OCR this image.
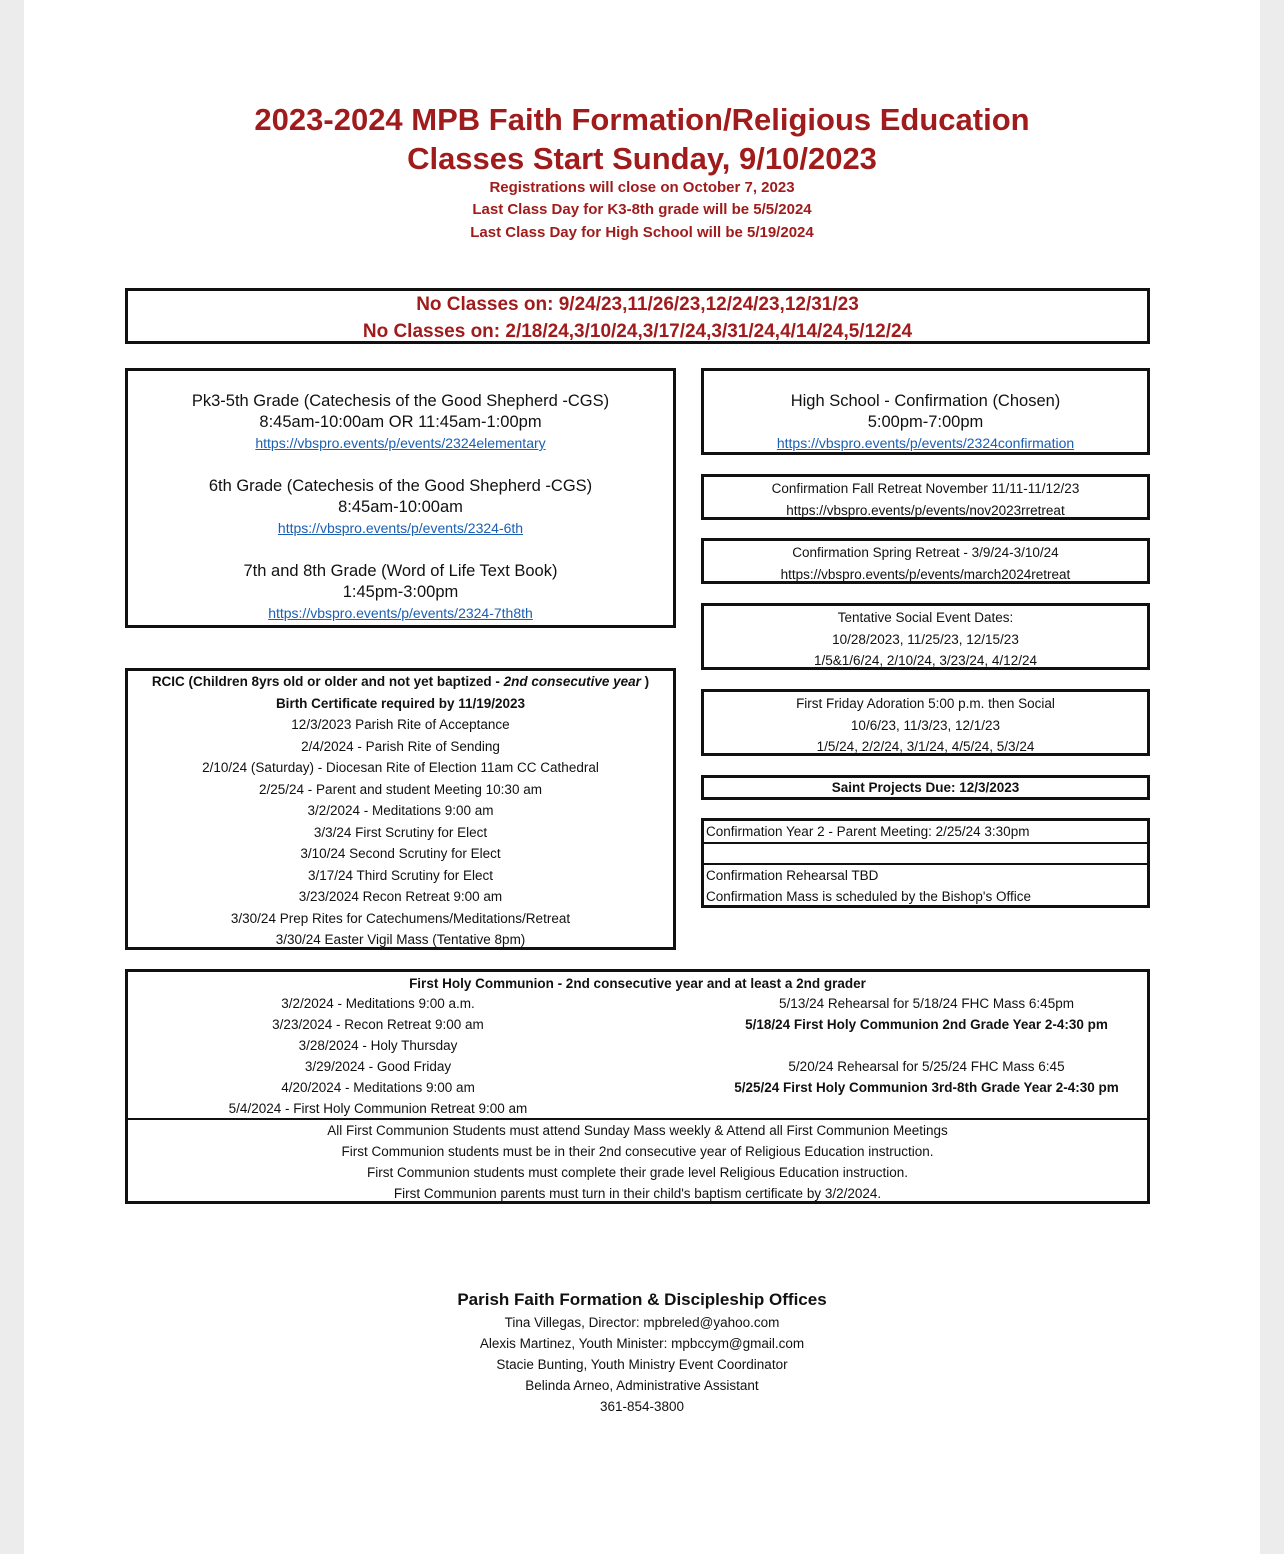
2023-2024 MPB Faith Formation/Religious Education
Classes Start Sunday, 9/10/2023
Registrations will close on October 7, 2023
Last Class Day for K3-8th grade will be 5/5/2024
Last Class Day for High School will be 5/19/2024
No Classes on: 9/24/23,11/26/23,12/24/23,12/31/23
No Classes on: 2/18/24,3/10/24,3/17/24,3/31/24,4/14/24,5/12/24
Pk3-5th Grade (Catechesis of the Good Shepherd -CGS)
8:45am-10:00am OR 11:45am-1:00pm
https://vbspro.events/p/events/2324elementary
6th Grade (Catechesis of the Good Shepherd -CGS)
8:45am-10:00am
https://vbspro.events/p/events/2324-6th
7th and 8th Grade (Word of Life Text Book)
1:45pm-3:00pm
https://vbspro.events/p/events/2324-7th8th
High School - Confirmation (Chosen)
5:00pm-7:00pm
https://vbspro.events/p/events/2324confirmation
Confirmation Fall Retreat November 11/11-11/12/23
https://vbspro.events/p/events/nov2023rretreat
Confirmation Spring Retreat - 3/9/24-3/10/24
https://vbspro.events/p/events/march2024retreat
Tentative Social Event Dates:
10/28/2023, 11/25/23, 12/15/23
1/5&1/6/24, 2/10/24, 3/23/24, 4/12/24
First Friday Adoration 5:00 p.m. then Social
10/6/23, 11/3/23, 12/1/23
1/5/24, 2/2/24, 3/1/24, 4/5/24, 5/3/24
Saint Projects Due: 12/3/2023
Confirmation Year 2 - Parent Meeting: 2/25/24 3:30pm
Confirmation Rehearsal TBD
Confirmation Mass is scheduled by the Bishop's Office
RCIC (Children 8yrs old or older and not yet baptized - 2nd consecutive year )
Birth Certificate required by 11/19/2023
12/3/2023 Parish Rite of Acceptance
2/4/2024 - Parish Rite of Sending
2/10/24 (Saturday) - Diocesan Rite of Election 11am CC Cathedral
2/25/24 - Parent and student Meeting 10:30 am
3/2/2024 - Meditations 9:00 am
3/3/24 First Scrutiny for Elect
3/10/24 Second Scrutiny for Elect
3/17/24 Third Scrutiny for Elect
3/23/2024 Recon Retreat 9:00 am
3/30/24 Prep Rites for Catechumens/Meditations/Retreat
3/30/24 Easter Vigil Mass (Tentative 8pm)
First Holy Communion - 2nd consecutive year and at least a 2nd grader
3/2/2024 - Meditations 9:00 a.m.
3/23/2024 - Recon Retreat 9:00 am
3/28/2024 - Holy Thursday
3/29/2024 - Good Friday
4/20/2024 - Meditations 9:00 am
5/4/2024 - First Holy Communion Retreat 9:00 am
5/13/24 Rehearsal for 5/18/24 FHC Mass 6:45pm
5/18/24 First Holy Communion 2nd Grade Year 2-4:30 pm

5/20/24 Rehearsal for 5/25/24 FHC Mass 6:45
5/25/24 First Holy Communion 3rd-8th Grade Year 2-4:30 pm
All First Communion Students must attend Sunday Mass weekly & Attend all First Communion Meetings
First Communion students must be in their 2nd consecutive year of Religious Education instruction.
First Communion students must complete their grade level Religious Education instruction.
First Communion parents must turn in their child's baptism certificate by 3/2/2024.
Parish Faith Formation & Discipleship Offices
Tina Villegas, Director: mpbreled@yahoo.com
Alexis Martinez, Youth Minister: mpbccym@gmail.com
Stacie Bunting, Youth Ministry Event Coordinator
Belinda Arneo, Administrative Assistant
361-854-3800
